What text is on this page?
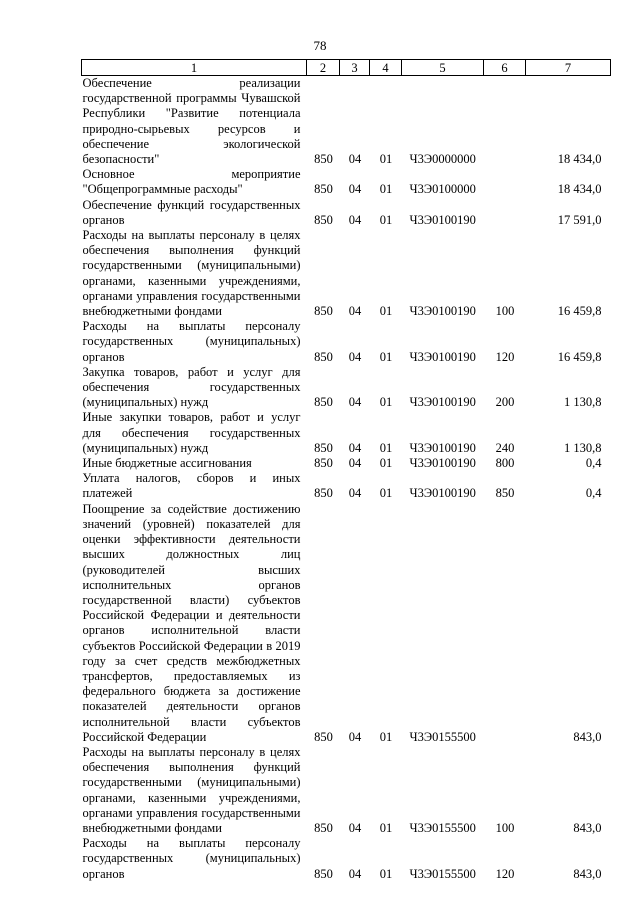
78
1	2	3	4	5	6	7
Обеспечение реализации государственной программы Чувашской Республики "Развитие потенциала природно-сырьевых ресурсов и обеспечение экологической безопасности"	850	04	01	Ч3Э0000000		18 434,0
Основное мероприятие "Общепрограммные расходы"	850	04	01	Ч3Э0100000		18 434,0
Обеспечение функций государственных органов	850	04	01	Ч3Э0100190		17 591,0
Расходы на выплаты персоналу в целях обеспечения выполнения функций государственными (муниципальными) органами, казенными учреждениями, органами управления государственными внебюджетными фондами	850	04	01	Ч3Э0100190	100	16 459,8
Расходы на выплаты персоналу государственных (муниципальных) органов	850	04	01	Ч3Э0100190	120	16 459,8
Закупка товаров, работ и услуг для обеспечения государственных (муниципальных) нужд	850	04	01	Ч3Э0100190	200	1 130,8
Иные закупки товаров, работ и услуг для обеспечения государственных (муниципальных) нужд	850	04	01	Ч3Э0100190	240	1 130,8
Иные бюджетные ассигнования	850	04	01	Ч3Э0100190	800	0,4
Уплата налогов, сборов и иных платежей	850	04	01	Ч3Э0100190	850	0,4
Поощрение за содействие достижению значений (уровней) показателей для оценки эффективности деятельности высших должностных лиц (руководителей высших исполнительных органов государственной власти) субъектов Российской Федерации и деятельности органов исполнительной власти субъектов Российской Федерации в 2019 году за счет средств межбюджетных трансфертов, предоставляемых из федерального бюджета за достижение показателей деятельности органов исполнительной власти субъектов Российской Федерации	850	04	01	Ч3Э0155500		843,0
Расходы на выплаты персоналу в целях обеспечения выполнения функций государственными (муниципальными) органами, казенными учреждениями, органами управления государственными внебюджетными фондами	850	04	01	Ч3Э0155500	100	843,0
Расходы на выплаты персоналу государственных (муниципальных) органов	850	04	01	Ч3Э0155500	120	843,0
